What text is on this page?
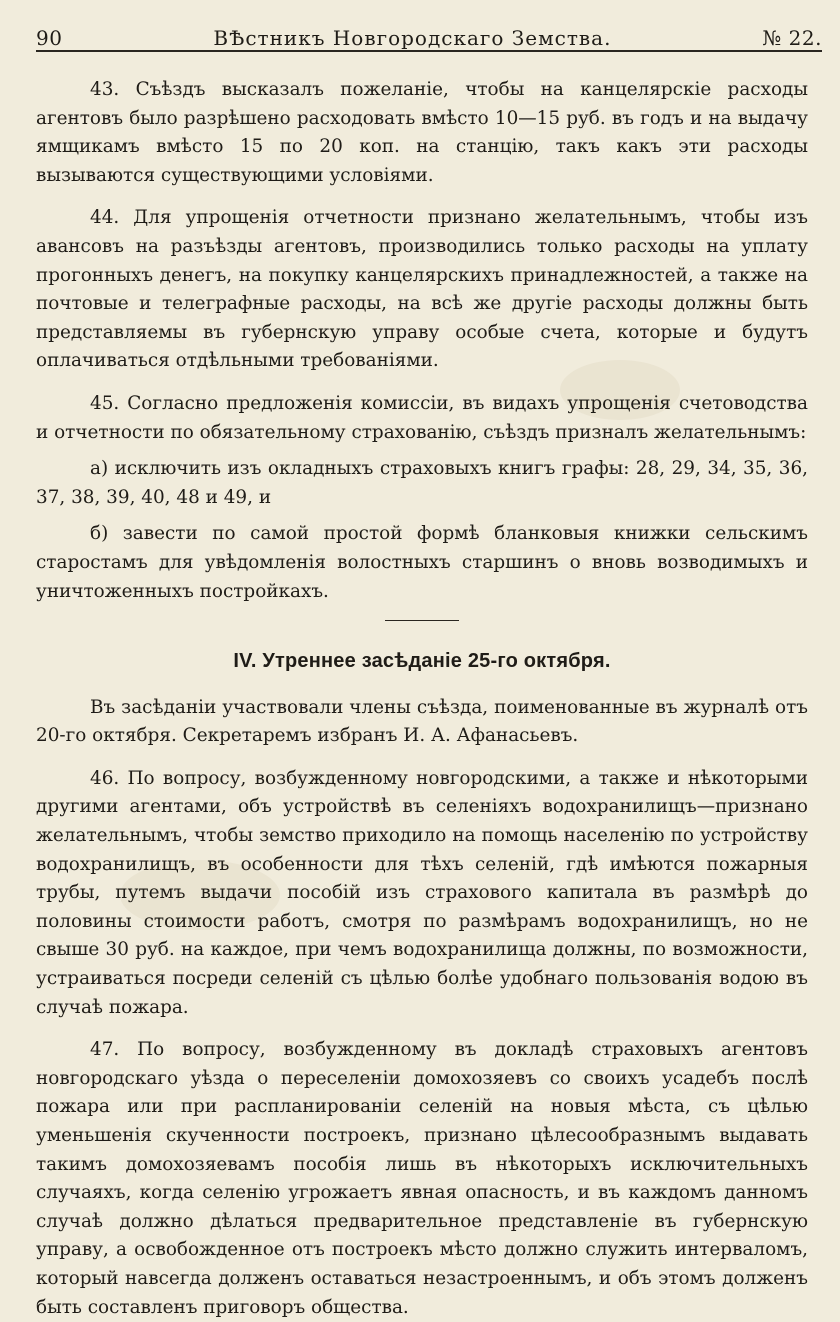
90	ВѢстникъ Новгородскаго Земства.	№ 22.

43. Съѣздъ высказалъ пожеланіе, чтобы на канцелярскіе расходы агентовъ было разрѣшено расходовать вмѣсто 10—15 руб. въ годъ и на выдачу ямщикамъ вмѣсто 15 по 20 коп. на станцію, такъ какъ эти расходы вызываются существующими условіями.

44. Для упрощенія отчетности признано желательнымъ, чтобы изъ авансовъ на разъѣзды агентовъ, производились только расходы на уплату прогонныхъ денегъ, на покупку канцелярскихъ принадлежностей, а также на почтовые и телеграфные расходы, на всѣ же другіе расходы должны быть представляемы въ губернскую управу особые счета, которые и будутъ оплачиваться отдѣльными требованіями.

45. Согласно предложенія комиссіи, въ видахъ упрощенія счетоводства и отчетности по обязательному страхованію, съѣздъ призналъ желательнымъ:

а) исключить изъ окладныхъ страховыхъ книгъ графы: 28, 29, 34, 35, 36, 37, 38, 39, 40, 48 и 49, и

б) завести по самой простой формѣ бланковыя книжки сельскимъ старостамъ для увѣдомленія волостныхъ старшинъ о вновь возводимыхъ и уничтоженныхъ постройкахъ.

IV. Утреннее засѣданіе 25-го октября.

Въ засѣданіи участвовали члены съѣзда, поименованные въ журналѣ отъ 20-го октября. Секретаремъ избранъ И. А. Афанасьевъ.

46. По вопросу, возбужденному новгородскими, а также и нѣкоторыми другими агентами, объ устройствѣ въ селеніяхъ водохранилищъ—признано желательнымъ, чтобы земство приходило на помощь населенію по устройству водохранилищъ, въ особенности для тѣхъ селеній, гдѣ имѣются пожарныя трубы, путемъ выдачи пособій изъ страхового капитала въ размѣрѣ до половины стоимости работъ, смотря по размѣрамъ водохранилищъ, но не свыше 30 руб. на каждое, при чемъ водохранилища должны, по возможности, устраиваться посреди селеній съ цѣлью болѣе удобнаго пользованія водою въ случаѣ пожара.

47. По вопросу, возбужденному въ докладѣ страховыхъ агентовъ новгородскаго уѣзда о переселеніи домохозяевъ со своихъ усадебъ послѣ пожара или при распланированіи селеній на новыя мѣста, съ цѣлью уменьшенія скученности построекъ, признано цѣлесообразнымъ выдавать такимъ домохозяевамъ пособія лишь въ нѣкоторыхъ исключительныхъ случаяхъ, когда селенію угрожаетъ явная опасность, и въ каждомъ данномъ случаѣ должно дѣлаться предварительное представленіе въ губернскую управу, а освобожденное отъ построекъ мѣсто должно служить интерваломъ, который навсегда долженъ оставаться незастроеннымъ, и объ этомъ долженъ быть составленъ приговоръ общества.
